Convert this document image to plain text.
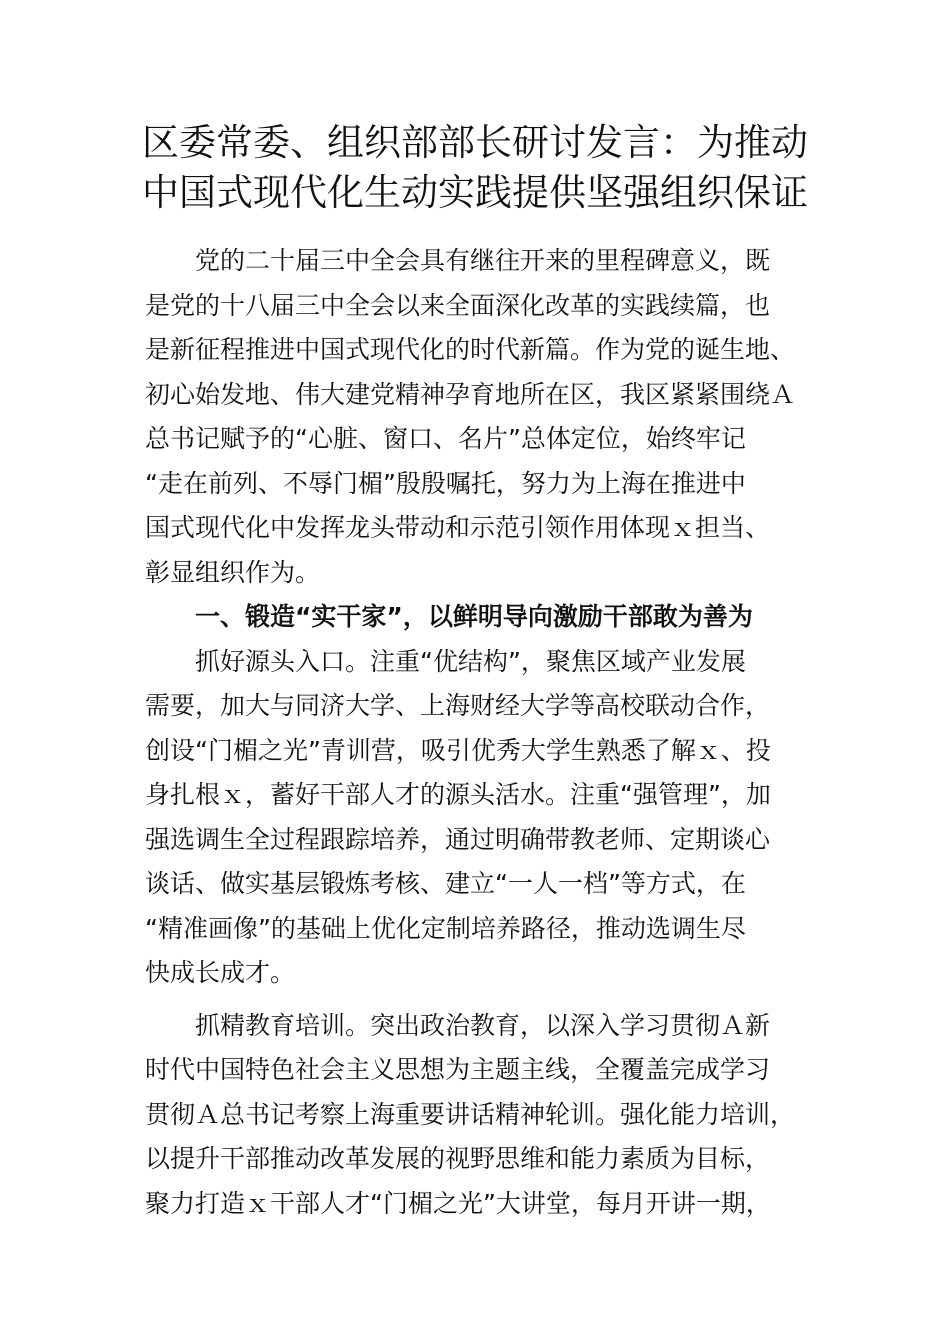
区委常委、组织部部长研讨发言：为推动
中国式现代化生动实践提供坚强组织保证
党的二十届三中全会具有继往开来的里程碑意义，既
是党的十八届三中全会以来全面深化改革的实践续篇，也
是新征程推进中国式现代化的时代新篇。作为党的诞生地、
初心始发地、伟大建党精神孕育地所在区，我区紧紧围绕Ａ
总书记赋予的“心脏、窗口、名片”总体定位，始终牢记
“走在前列、不辱门楣”殷殷嘱托，努力为上海在推进中
国式现代化中发挥龙头带动和示范引领作用体现ｘ担当、
彰显组织作为。
一、锻造“实干家”，以鲜明导向激励干部敢为善为
抓好源头入口。注重“优结构”，聚焦区域产业发展
需要，加大与同济大学、上海财经大学等高校联动合作，
创设“门楣之光”青训营，吸引优秀大学生熟悉了解ｘ、投
身扎根ｘ，蓄好干部人才的源头活水。注重“强管理”，加
强选调生全过程跟踪培养，通过明确带教老师、定期谈心
谈话、做实基层锻炼考核、建立“一人一档”等方式，在
“精准画像”的基础上优化定制培养路径，推动选调生尽
快成长成才。
抓精教育培训。突出政治教育，以深入学习贯彻Ａ新
时代中国特色社会主义思想为主题主线，全覆盖完成学习
贯彻Ａ总书记考察上海重要讲话精神轮训。强化能力培训，
以提升干部推动改革发展的视野思维和能力素质为目标，
聚力打造ｘ干部人才“门楣之光”大讲堂，每月开讲一期，
